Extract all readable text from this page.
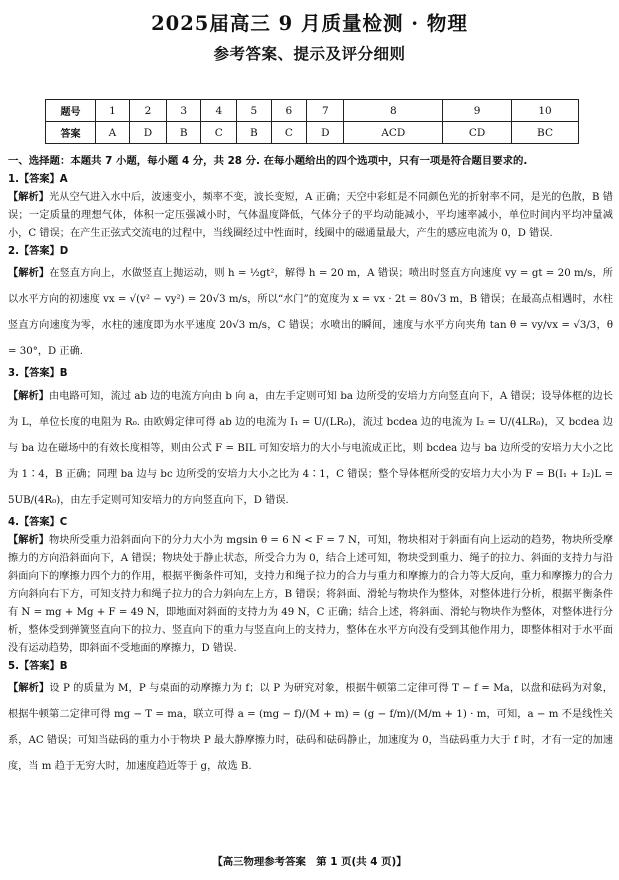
2025届高三 9 月质量检测 · 物理
参考答案、提示及评分细则
题号	1	2	3	4	5	6	7	8	9	10
答案	A	D	B	C	B	C	D	ACD	CD	BC
一、选择题：本题共 7 小题，每小题 4 分，共 28 分. 在每小题给出的四个选项中，只有一项是符合题目要求的.
1.【答案】A

【解析】光从空气进入水中后，波速变小，频率不变，波长变短，A 正确；天空中彩虹是不同颜色光的折射率不同，是光的色散，B 错误；一定质量的理想气体，体积一定压强减小时，气体温度降低，气体分子的平均动能减小，平均速率减小，单位时间内平均冲量减小，C 错误；在产生正弦式交流电的过程中，当线圈经过中性面时，线圈中的磁通量最大，产生的感应电流为 0，D 错误.

2.【答案】D

【解析】在竖直方向上，水做竖直上抛运动，则 h = ½gt²，解得 h = 20 m，A 错误；喷出时竖直方向速度 vy = gt = 20 m/s，所以水平方向的初速度 vx = √(v² − vy²) = 20√3 m/s，所以“水门”的宽度为 x = vx · 2t = 80√3 m，B 错误；在最高点相遇时，水柱竖直方向速度为零，水柱的速度即为水平速度 20√3 m/s，C 错误；水喷出的瞬间，速度与水平方向夹角 tan θ = vy/vx = √3/3，θ = 30°，D 正确.

3.【答案】B

【解析】由电路可知，流过 ab 边的电流方向由 b 向 a，由左手定则可知 ba 边所受的安培力方向竖直向下，A 错误；设导体框的边长为 L，单位长度的电阻为 R₀. 由欧姆定律可得 ab 边的电流为 I₁ = U/(LR₀)，流过 bcdea 边的电流为 I₂ = U/(4LR₀)，又 bcdea 边与 ba 边在磁场中的有效长度相等，则由公式 F = BIL 可知安培力的大小与电流成正比，则 bcdea 边与 ba 边所受的安培力大小之比为 1∶4，B 正确；同理 ba 边与 bc 边所受的安培力大小之比为 4∶1，C 错误；整个导体框所受的安培力大小为 F = B(I₁ + I₂)L = 5UB/(4R₀)，由左手定则可知安培力的方向竖直向下，D 错误.

4.【答案】C

【解析】物块所受重力沿斜面向下的分力大小为 mgsin θ = 6 N < F = 7 N，可知，物块相对于斜面有向上运动的趋势，物块所受摩擦力的方向沿斜面向下，A 错误；物块处于静止状态，所受合力为 0，结合上述可知，物块受到重力、绳子的拉力、斜面的支持力与沿斜面向下的摩擦力四个力的作用，根据平衡条件可知，支持力和绳子拉力的合力与重力和摩擦力的合力等大反向，重力和摩擦力的合力方向斜向右下方，可知支持力和绳子拉力的合力斜向左上方，B 错误；将斜面、滑轮与物块作为整体，对整体进行分析，根据平衡条件有 N = mg + Mg + F = 49 N，即地面对斜面的支持力为 49 N，C 正确；结合上述，将斜面、滑轮与物块作为整体，对整体进行分析，整体受到弹簧竖直向下的拉力、竖直向下的重力与竖直向上的支持力，整体在水平方向没有受到其他作用力，即整体相对于水平面没有运动趋势，即斜面不受地面的摩擦力，D 错误.

5.【答案】B

【解析】设 P 的质量为 M，P 与桌面的动摩擦力为 f；以 P 为研究对象，根据牛顿第二定律可得 T − f = Ma，以盘和砝码为对象，根据牛顿第二定律可得 mg − T = ma，联立可得 a = (mg − f)/(M + m) = (g − f/m)/(M/m + 1) · m，可知，a − m 不是线性关系，AC 错误；可知当砝码的重力小于物块 P 最大静摩擦力时，砝码和砝码静止，加速度为 0，当砝码重力大于 f 时，才有一定的加速度，当 m 趋于无穷大时，加速度趋近等于 g，故选 B.

【高三物理参考答案　第 1 页(共 4 页)】
